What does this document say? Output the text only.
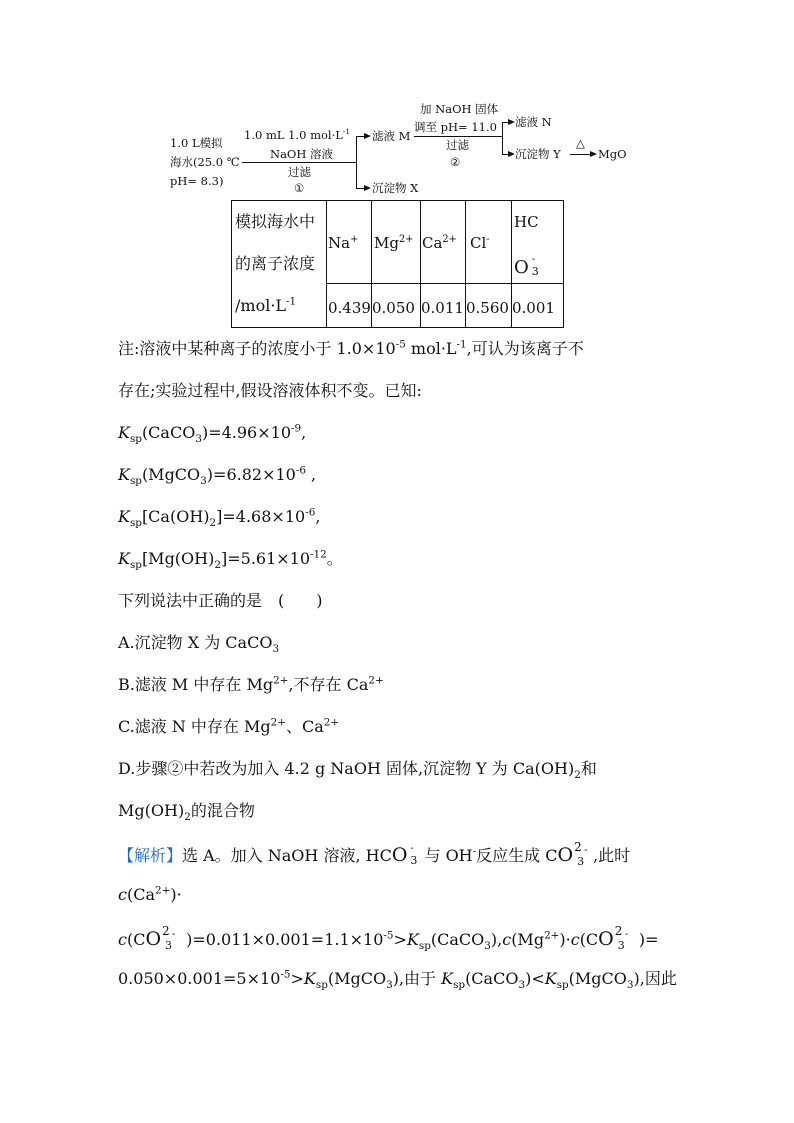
1.0 L模拟
海水(25.0 ℃
pH= 8.3)
1.0 mL 1.0 $mol\cdot L^{-1}$
NaOH 溶液
过滤
①
滤液 M
沉淀物 X
加 NaOH 固体
调至 pH= 11.0
过滤
②
滤液 N
沉淀物 Y
△
MgO
模拟海水中
的离子浓度
$/mol\cdot L^{-1}$
Na+ $Mg^{2+}$ $Ca^{2+}$ Cl-
HC
O -
3
0.439 0.050 0.011 0.560 0.001
注:溶液中某种离子的浓度小于 $1.0\times 10^{-5}$ $mol\cdot L^{-1}$,可认为该离子不
存在;实验过程中,假设溶液体积不变。已知:
$K_{sp}(CaCO_3)=4.96\times 10^{-9}$,
$K_{sp}(MgCO_3)=6.82\times 10^{-6}$ ,
$K_{sp}[Ca(OH)_2]=4.68\times 10^{-6}$,
$K_{sp}[Mg(OH)_2]=5.61\times 10^{-12}$。
下列说法中正确的是　(　　)
A.沉淀物 X 为 CaCO$_3$
B.滤液 M 中存在 $Mg^{2+}$,不存在 $Ca^{2+}$
C.滤液 N 中存在 $Mg^{2+}$、$Ca^{2+}$
D.步骤②中若改为加入 4.2 g NaOH 固体,沉淀物 Y 为 $Ca(OH)_2$和
$Mg(OH)_2$的混合物
【解析】选 A。加入 NaOH 溶液, HCO -
3 与 OH-反应生成 CO 2 -
3 ,此时
$c(Ca^{2+})\cdot$
c(CO 2 -
3 )$=0.011\times 0.001=1.1\times 10^{-5}>K_{sp}(CaCO_3),c(Mg^{2+})\cdot c(CO$ 2 -
3 )=
$0.050\times 0.001=5\times 10^{-5}>K_{sp}(MgCO_3)$,由于 $K_{sp}(CaCO_3)<K_{sp}(MgCO_3)$,因此
